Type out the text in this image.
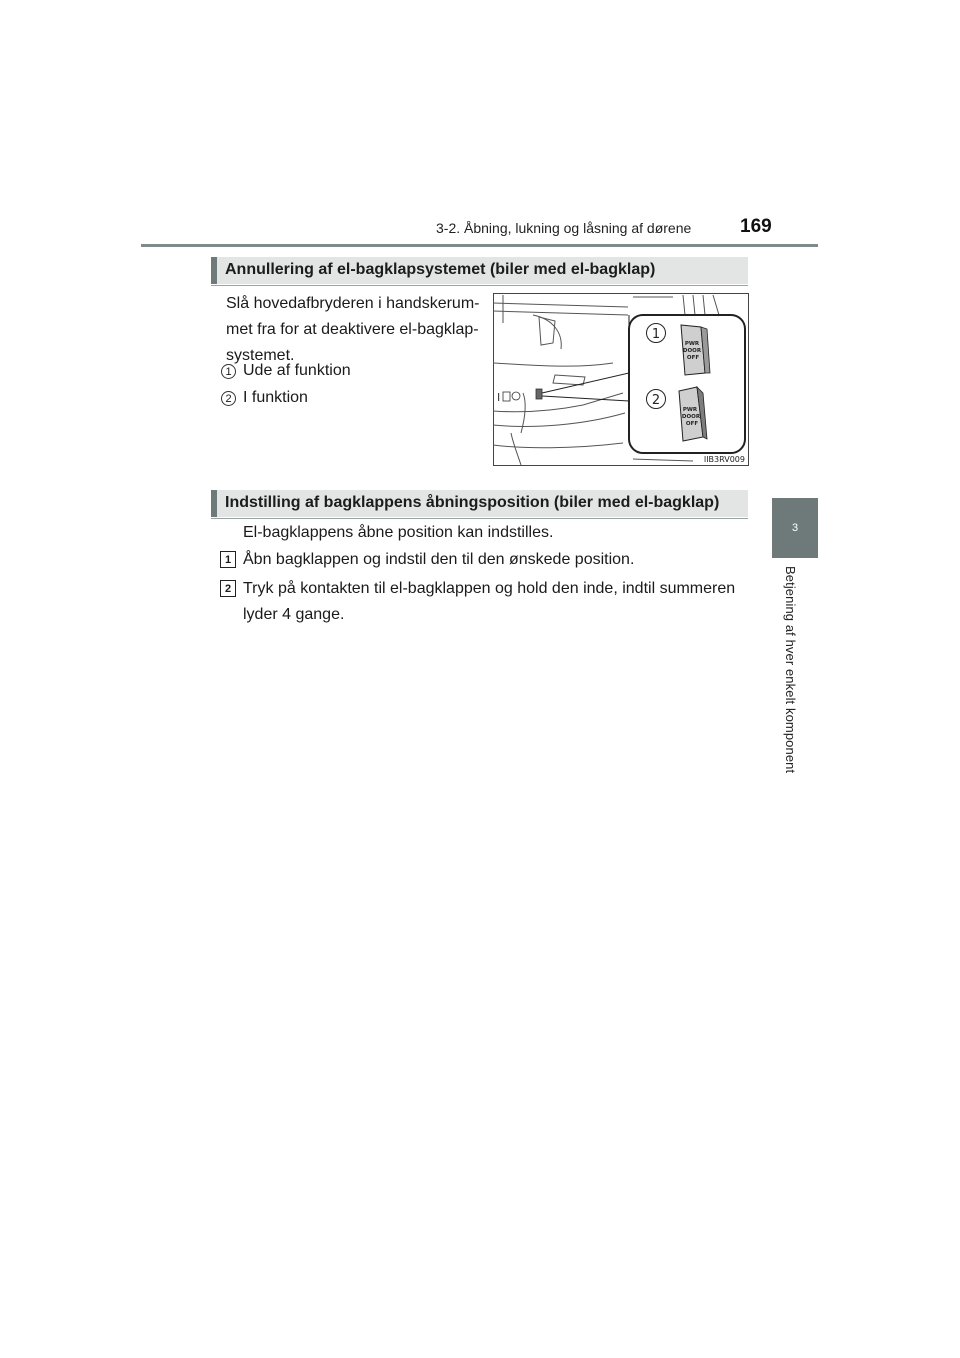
3-2. Åbning, lukning og låsning af dørene	169
3
Betjening af hver enkelt komponent
Annullering af el-bagklapsystemet (biler med el-bagklap)
Slå hovedafbryderen i handskerum-
met fra for at deaktivere el-bagklap-
systemet.
1 Ude af funktion
2 I funktion	I
1
2
PWR
DOOR
OFF
PWR
DOOR
OFF
IIB3RV009
Indstilling af bagklappens åbningsposition (biler med el-bagklap)
El-bagklappens åbne position kan indstilles.
1 Åbn bagklappen og indstil den til den ønskede position.
2 Tryk på kontakten til el-bagklappen og hold den inde, indtil summeren
lyder 4 gange.
